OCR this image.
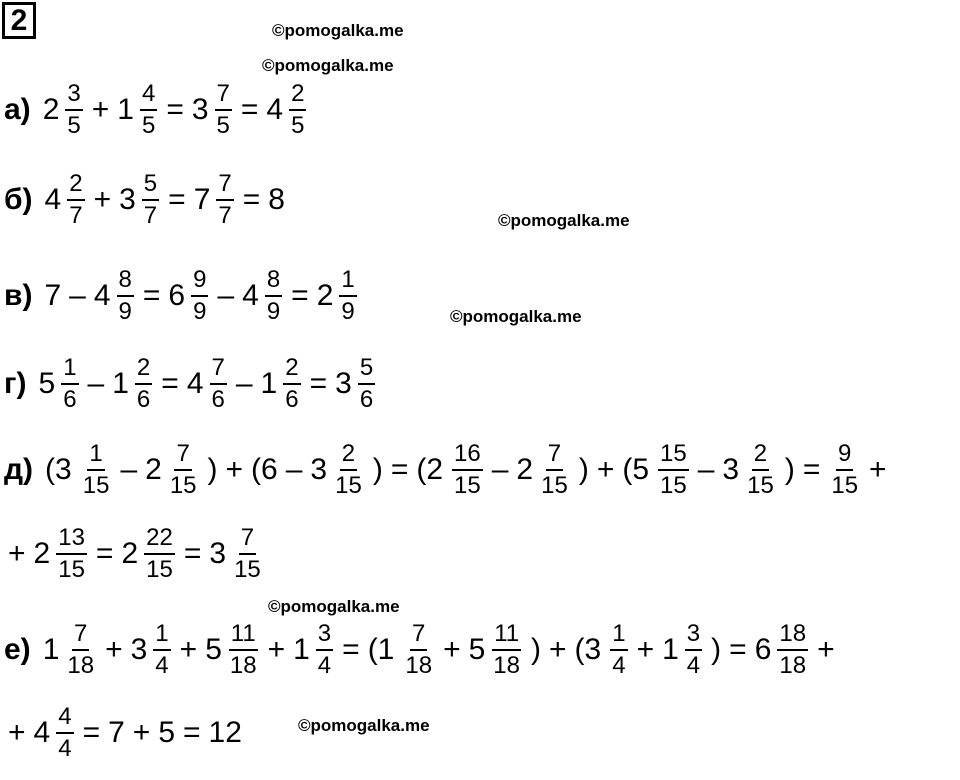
2	©pomogalka.me
©pomogalka.me
©pomogalka.me
©pomogalka.me
©pomogalka.me
©pomogalka.me
а) $2 \frac{3}{5} + 1 \frac{4}{5} = 3 \frac{7}{5} = 4 \frac{2}{5}$
б) $4 \frac{2}{7} + 3 \frac{5}{7} = 7 \frac{7}{7} = 8$
в) $7 - 4 \frac{8}{9} = 6 \frac{9}{9} - 4 \frac{8}{9} = 2 \frac{1}{9}$
г) $5 \frac{1}{6} - 1 \frac{2}{6} = 4 \frac{7}{6} - 1 \frac{2}{6} = 3 \frac{5}{6}$
д) ($3 \frac{1}{15} - 2 \frac{7}{15}$ ) + ($6 - 3 \frac{2}{15}$ ) = ($2 \frac{16}{15} - 2 \frac{7}{15}$ ) + ($5 \frac{15}{15} - 3 \frac{2}{15}$ ) = $\frac{9}{15}$ +
+ $2 \frac{13}{15} = 2 \frac{22}{15} = 3 \frac{7}{15}$
е) $1 \frac{7}{18} + 3 \frac{1}{4} + 5 \frac{11}{18} + 1 \frac{3}{4} = (1 \frac{7}{18} + 5 \frac{11}{18}$ ) + ($3 \frac{1}{4} + 1 \frac{3}{4}$ ) = $6 \frac{18}{18}$ +
+ $4 \frac{4}{4} = 7 + 5 = 12$
